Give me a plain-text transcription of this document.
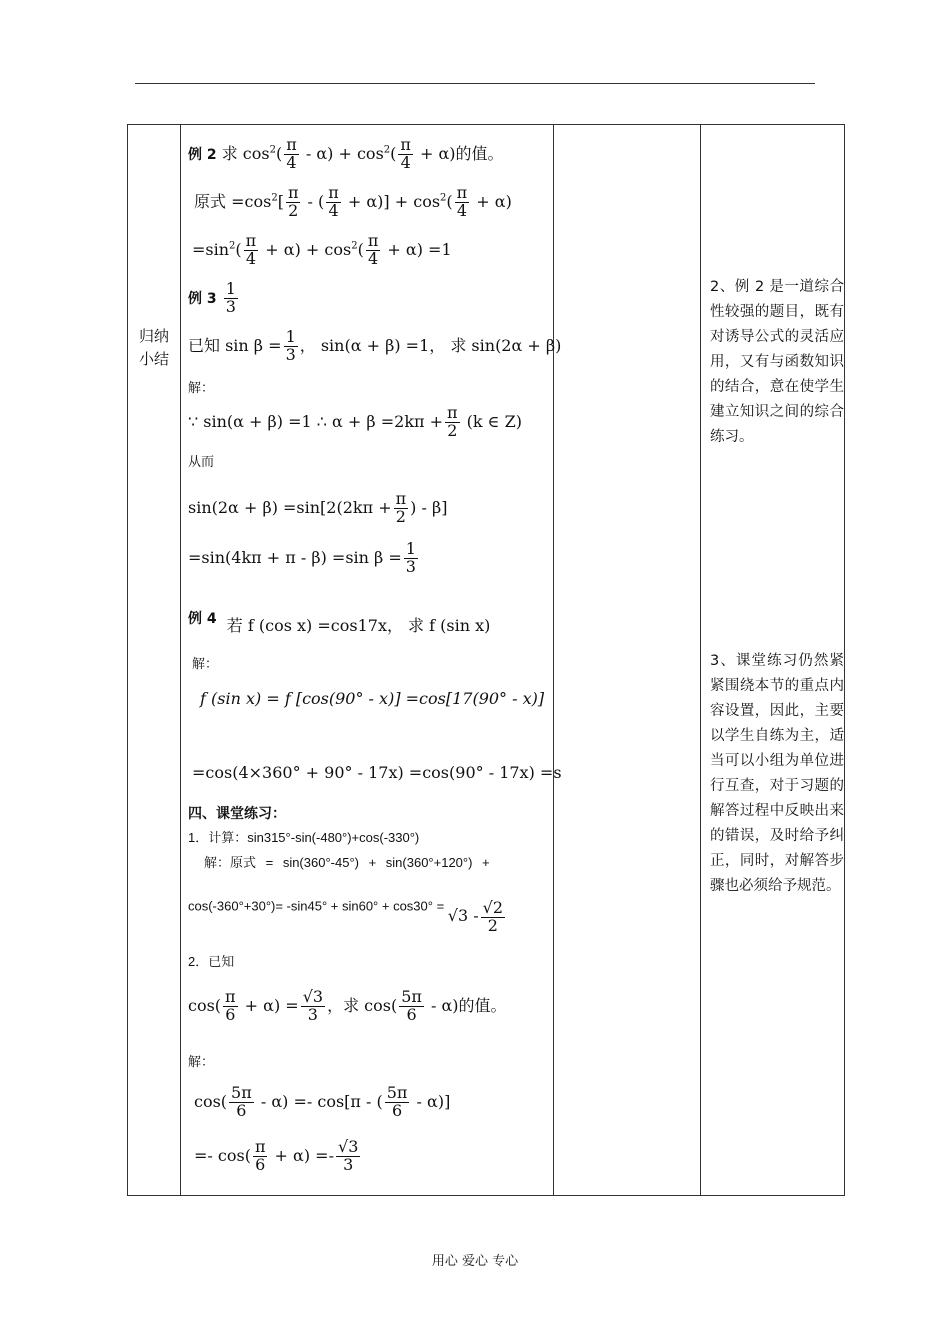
归纳小结
例 2 求 $\cos^2( \frac{\pi}{4} - \alpha) + \cos^2( \frac{\pi}{4} + \alpha)$的值。
原式 $=\cos^2[ \frac{\pi}{2}$ - ( $\frac{\pi}{4} + \alpha)] + \cos^2( \frac{\pi}{4} + \alpha)$
$=\sin^2( \frac{\pi}{4} + \alpha) + \cos^2( \frac{\pi}{4} + \alpha) =1$
例 $3 \frac{1}{3}$
已知 $\sin \beta = \frac{1}{3}$ ， sin(α + β) =1， 求 sin(2α + β)
解：
∵ sin(α + β) =1 ∴ $\alpha + \beta =2k\pi + \frac{\pi}{2} (k$ ∈ Z)
从而
$\sin(2\alpha + \beta) =\sin[2(2k\pi + \frac{\pi}{2}$ ) - β]
=sin(4kπ + π - β) =sin $\beta = \frac{1}{3}$
例 4 若 f (cos x) =cos17x， 求 f (sin x)
解：
f (sin x) = f [cos(90° - x)] =cos[17(90° - x)]
=cos(4×360° + 90° - 17x) =cos(90° - 17x) =s
四、课堂练习：
1．计算：sin315°-sin(-480°)+cos(-330°)
解：原式 = sin(360°-45°) + sin(360°+120°) +
$\cos(-360^\circ+30^\circ)= -\sin 45^\circ + \sin 60^\circ + \cos 30^\circ = √3 - \frac{√2}{2}$
2．已知
$\cos( \frac{\pi}{6} + \alpha) = \frac{√3}{3}$ ，求 $\cos( \frac{5\pi}{6} - \alpha)$的值。
解：
$\cos( \frac{5\pi}{6} - \alpha) =- \cos[\pi$ - ( $\frac{5\pi}{6} - \alpha$)]
=- $\cos( \frac{\pi}{6} + \alpha) =- \frac{√3}{3}$
2、例 2 是一道综合性较强的题目，既有对诱导公式的灵活应用，又有与函数知识的结合，意在使学生建立知识之间的综合练习。
3、课堂练习仍然紧紧围绕本节的重点内容设置，因此，主要以学生自练为主，适当可以小组为单位进行互查，对于习题的解答过程中反映出来的错误，及时给予纠正，同时，对解答步骤也必须给予规范。
用心 爱心 专心
